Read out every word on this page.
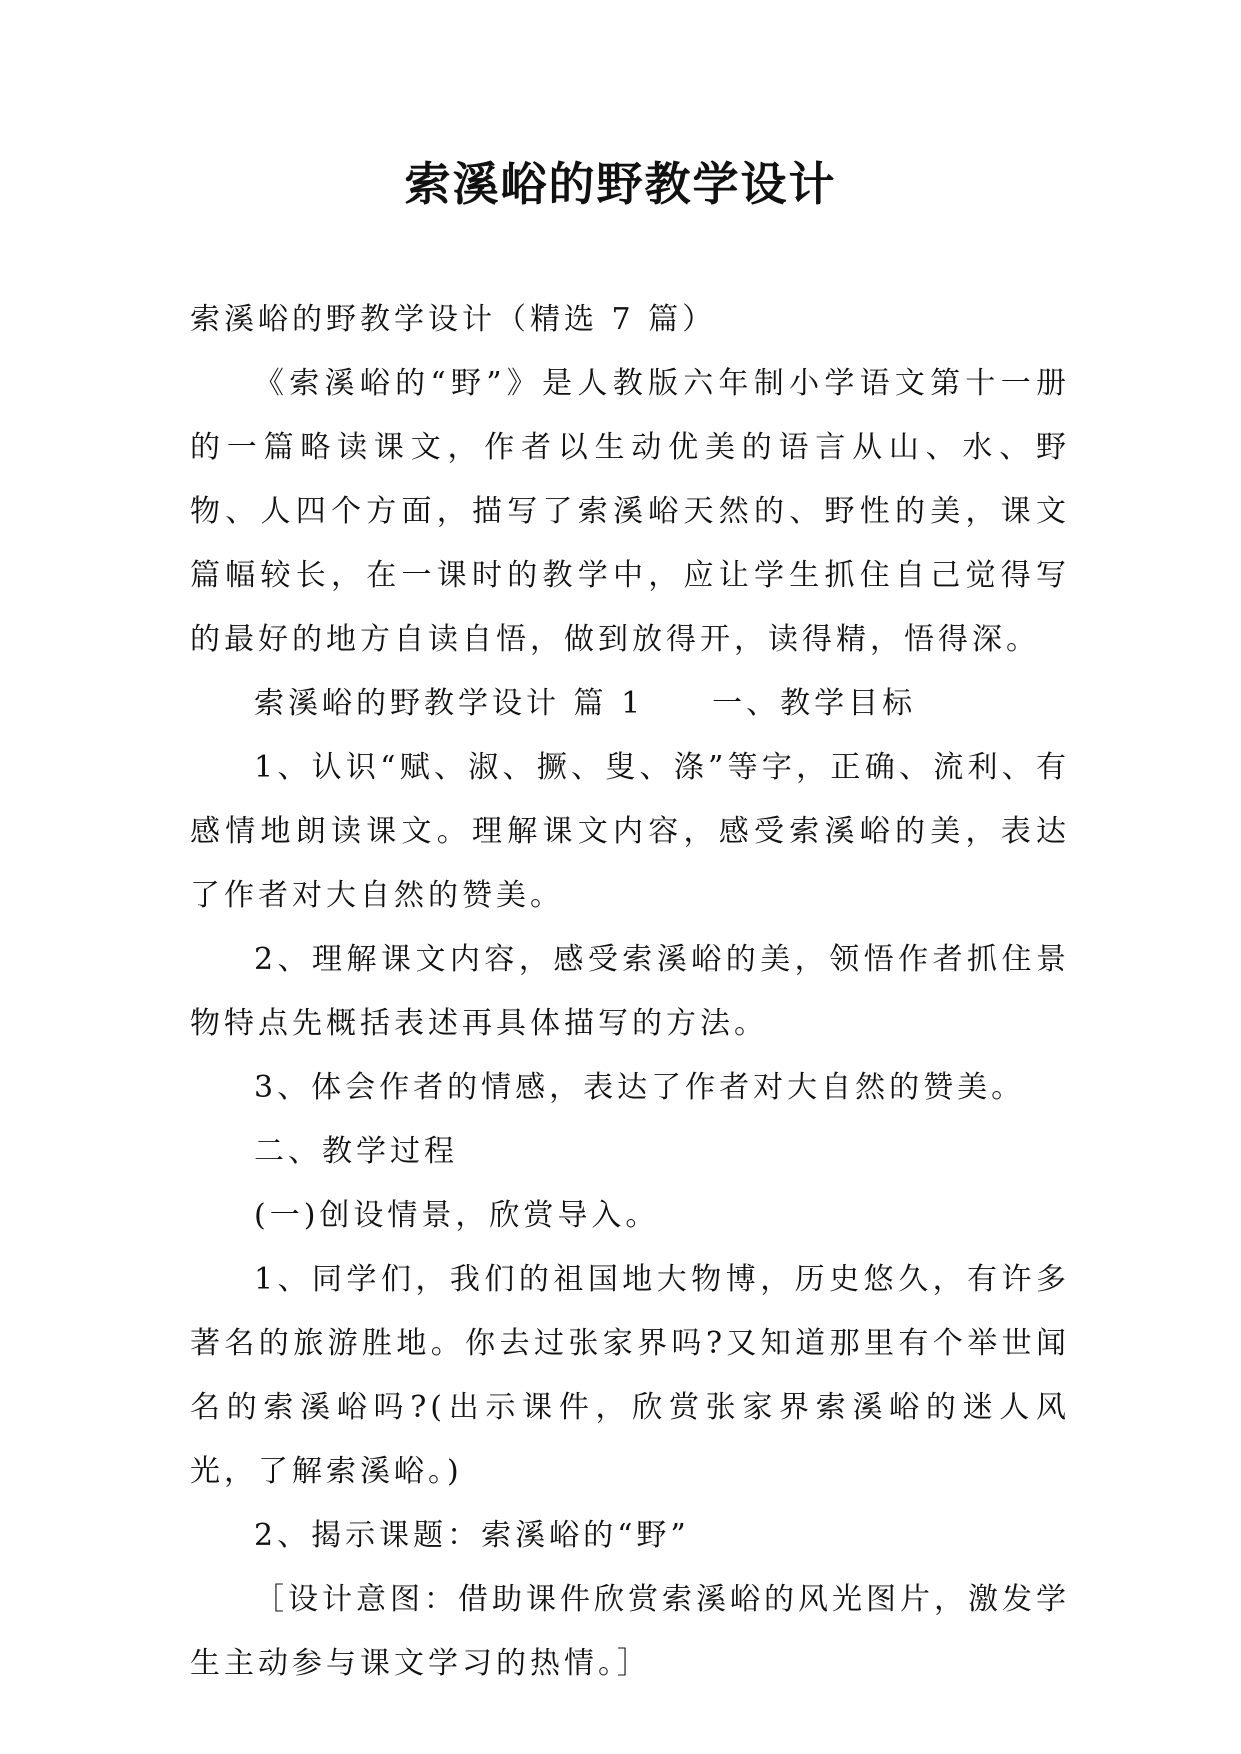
索溪峪的野教学设计

索溪峪的野教学设计（精选 7 篇）

《索溪峪的“野”》是人教版六年制小学语文第十一册的一篇略读课文，作者以生动优美的语言从山、水、野物、人四个方面，描写了索溪峪天然的、野性的美，课文篇幅较长，在一课时的教学中，应让学生抓住自己觉得写的最好的地方自读自悟，做到放得开，读得精，悟得深。

索溪峪的野教学设计 篇 1　　一、教学目标

1、认识“赋、淑、撅、叟、涤”等字，正确、流利、有感情地朗读课文。理解课文内容，感受索溪峪的美，表达了作者对大自然的赞美。

2、理解课文内容，感受索溪峪的美，领悟作者抓住景物特点先概括表述再具体描写的方法。

3、体会作者的情感，表达了作者对大自然的赞美。

二、教学过程

(一)创设情景，欣赏导入。

1、同学们，我们的祖国地大物博，历史悠久，有许多著名的旅游胜地。你去过张家界吗?又知道那里有个举世闻名的索溪峪吗?(出示课件，欣赏张家界索溪峪的迷人风光，了解索溪峪。)

2、揭示课题：索溪峪的“野”

［设计意图：借助课件欣赏索溪峪的风光图片，激发学生主动参与课文学习的热情。］
